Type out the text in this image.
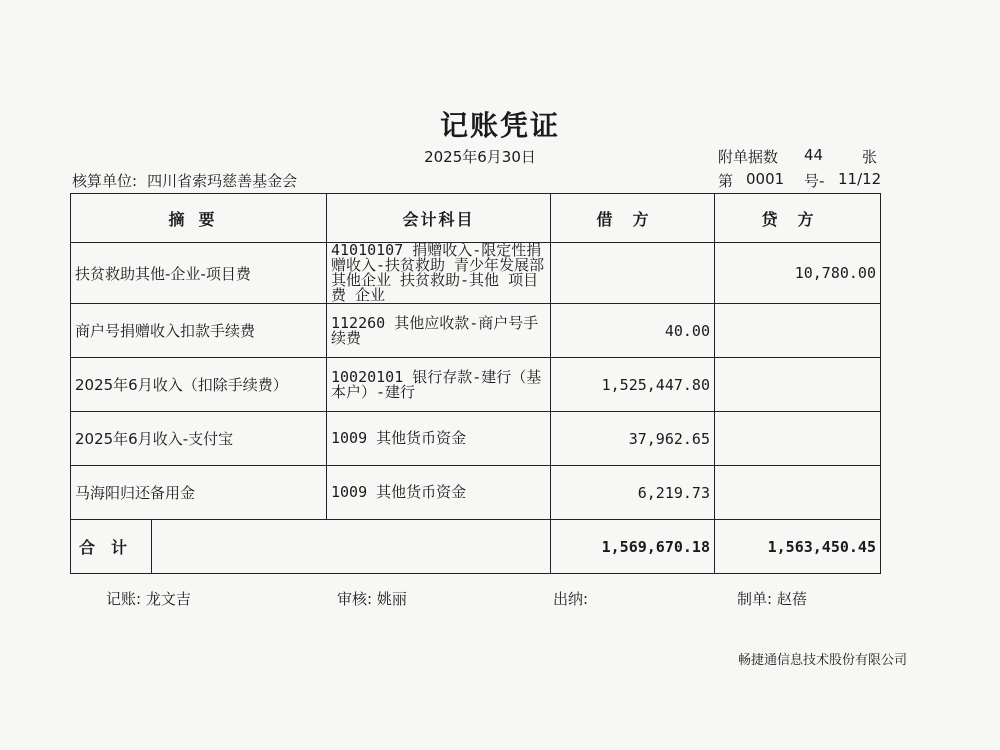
记账凭证
2025年6月30日
核算单位: 四川省索玛慈善基金会
附单据数 44	张
第 0001 号- 11/12
摘要	会计科目	借方	贷方
扶贫救助其他-企业-项目费	41010107 捐赠收入-限定性捐赠收入-扶贫救助 青少年发展部 其他企业 扶贫救助-其他 项目费 企业		10,780.00
商户号捐赠收入扣款手续费	112260 其他应收款-商户号手续费	40.00	
2025年6月收入（扣除手续费）	10020101 银行存款-建行（基本户）-建行	1,525,447.80	
2025年6月收入-支付宝	1009 其他货币资金	37,962.65	
马海阳归还备用金	1009 其他货币资金	6,219.73	

合计		1,569,670.18	1,563,450.45
记账: 龙文吉	审核: 姚丽	出纳:	制单: 赵蓓
畅捷通信息技术股份有限公司
